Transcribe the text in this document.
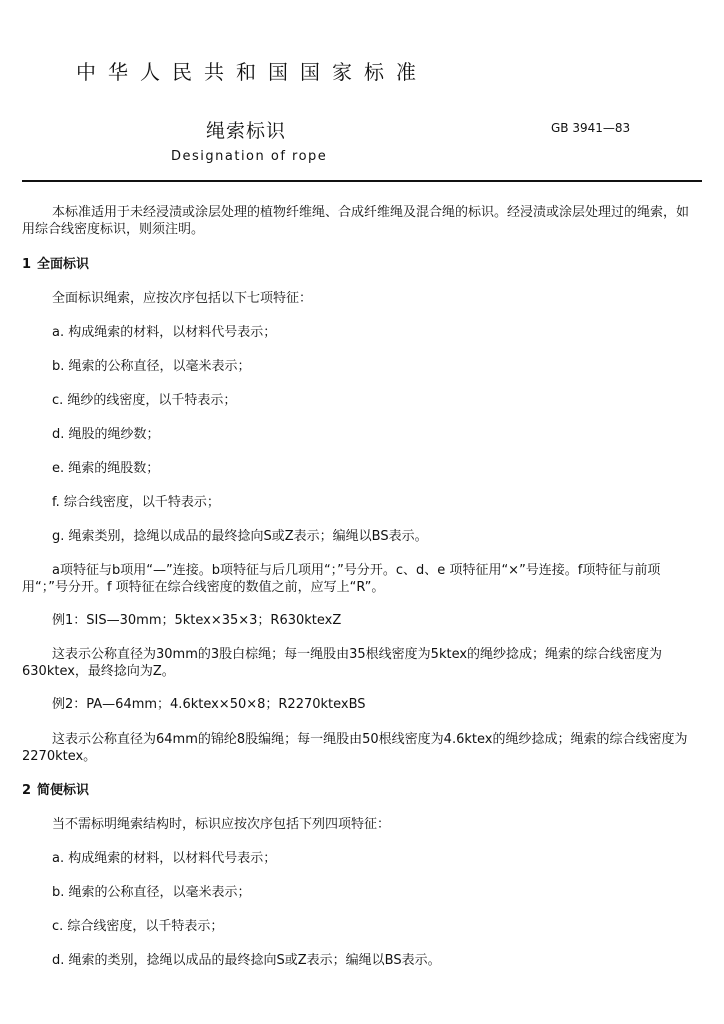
中华人民共和国国家标准
绳索标识	GB 3941—83
Designation of rope
本标准适用于未经浸渍或涂层处理的植物纤维绳、合成纤维绳及混合绳的标识。经浸渍或涂层处理过的绳索，如用综合线密度标识，则须注明。
1 全面标识
全面标识绳索，应按次序包括以下七项特征：
a. 构成绳索的材料，以材料代号表示；
b. 绳索的公称直径，以毫米表示；
c. 绳纱的线密度，以千特表示；
d. 绳股的绳纱数；
e. 绳索的绳股数；
f. 综合线密度，以千特表示；
g. 绳索类别，捻绳以成品的最终捻向S或Z表示；编绳以BS表示。
a项特征与b项用“—”连接。b项特征与后几项用“；”号分开。c、d、e 项特征用“×”号连接。f项特征与前项用“；”号分开。f 项特征在综合线密度的数值之前，应写上“R”。
例1：SIS—30mm；5ktex×35×3；R630ktexZ
这表示公称直径为30mm的3股白棕绳；每一绳股由35根线密度为5ktex的绳纱捻成；绳索的综合线密度为630ktex，最终捻向为Z。
例2：PA—64mm；4.6ktex×50×8；R2270ktexBS
这表示公称直径为64mm的锦纶8股编绳；每一绳股由50根线密度为4.6ktex的绳纱捻成；绳索的综合线密度为2270ktex。
2 简便标识
当不需标明绳索结构时，标识应按次序包括下列四项特征：
a. 构成绳索的材料，以材料代号表示；
b. 绳索的公称直径，以毫米表示；
c. 综合线密度，以千特表示；
d. 绳索的类别，捻绳以成品的最终捻向S或Z表示；编绳以BS表示。
